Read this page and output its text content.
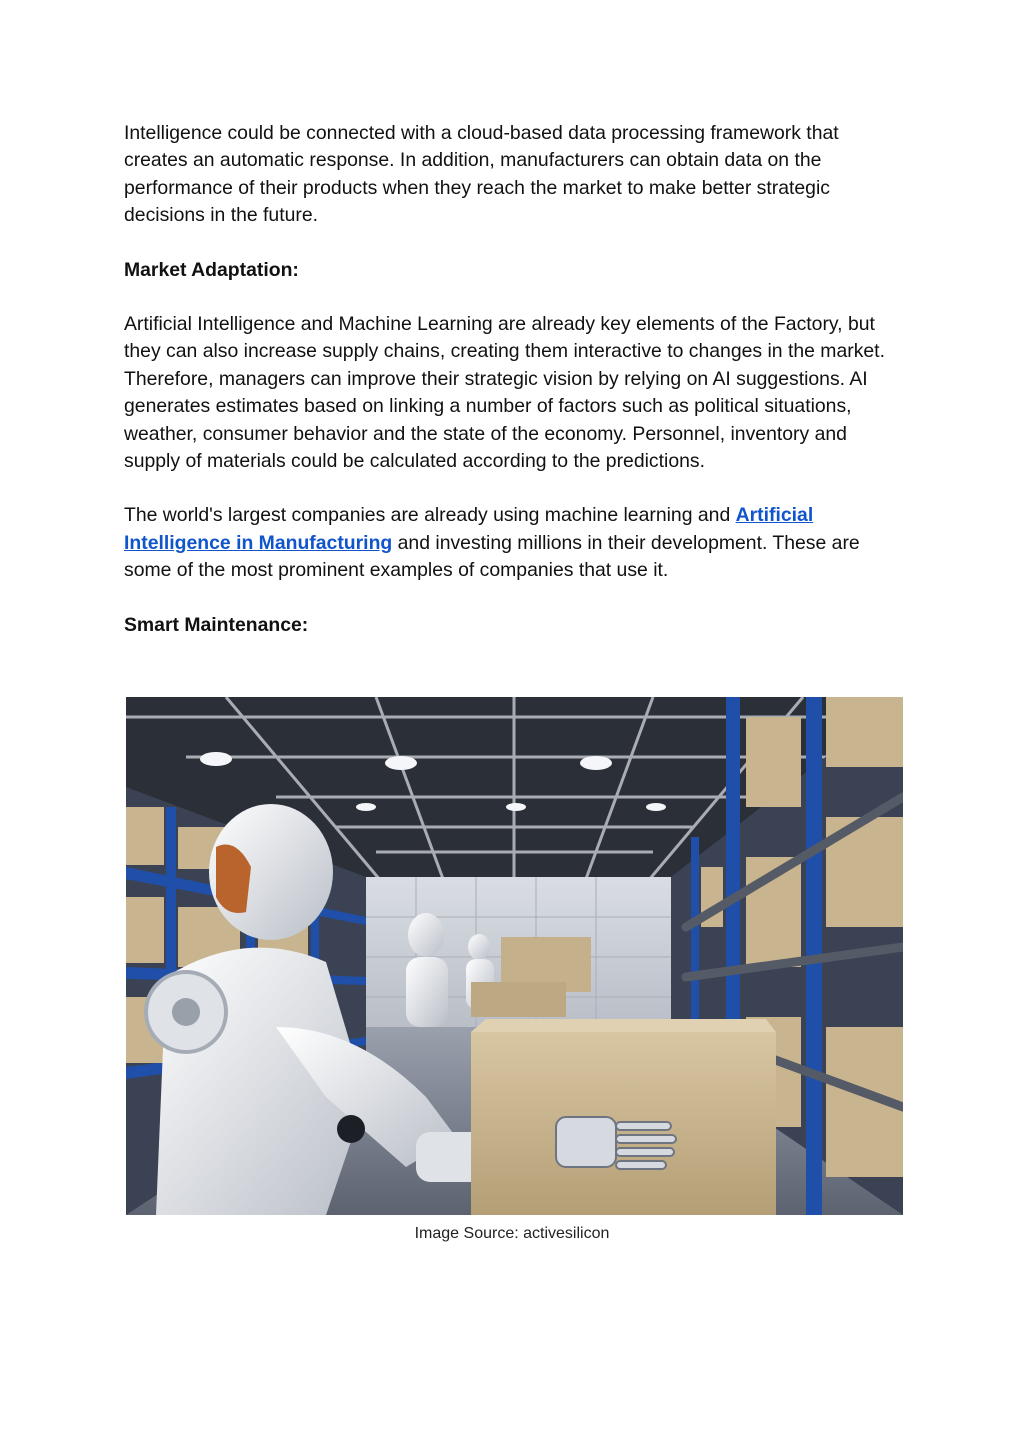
Intelligence could be connected with a cloud-based data processing framework that creates an automatic response. In addition, manufacturers can obtain data on the performance of their products when they reach the market to make better strategic decisions in the future.

Market Adaptation:

Artificial Intelligence and Machine Learning are already key elements of the Factory, but they can also increase supply chains, creating them interactive to changes in the market. Therefore, managers can improve their strategic vision by relying on AI suggestions. AI generates estimates based on linking a number of factors such as political situations, weather, consumer behavior and the state of the economy. Personnel, inventory and supply of materials could be calculated according to the predictions.

The world's largest companies are already using machine learning and Artificial Intelligence in Manufacturing and investing millions in their development. These are some of the most prominent examples of companies that use it.

Smart Maintenance:

Image Source: activesilicon
